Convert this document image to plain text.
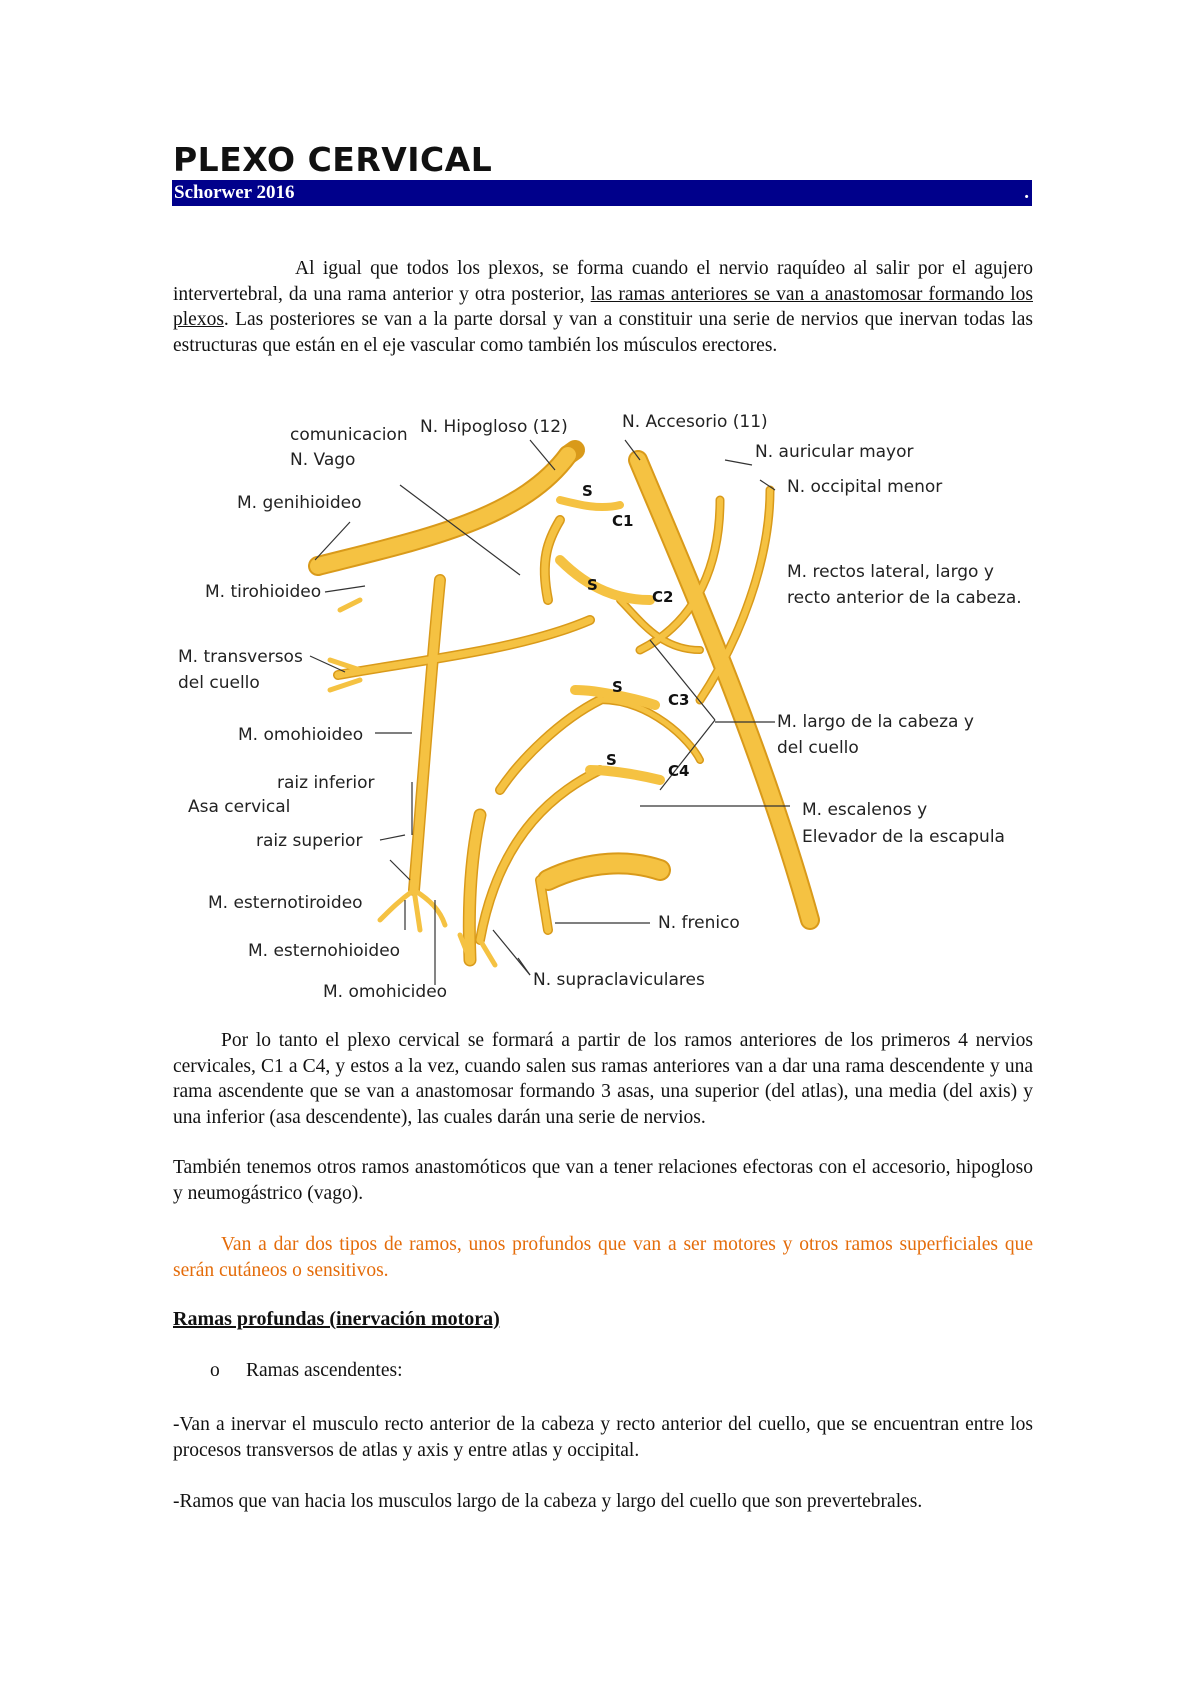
PLEXO CERVICAL
Schorwer 2016	.

Al igual que todos los plexos, se forma cuando el nervio raquídeo al salir por el agujero intervertebral, da una rama anterior y otra posterior, las ramas anteriores se van a anastomosar formando los plexos. Las posteriores se van a la parte dorsal y van a constituir una serie de nervios que inervan todas las estructuras que están en el eje vascular como también los músculos erectores.

comunicacion
N. Vago
N. Hipogloso (12)	N. Accesorio (11)
N. auricular mayor
N. occipital menor
M. genihioideo
M. tirohioideo
M. rectos lateral, largo y
recto anterior de la cabeza.
M. transversos
del cuello
M. omohioideo
M. largo de la cabeza y
del cuello
raiz inferior
Asa cervical
raiz superior
M. escalenos y
Elevador de la escapula
M. esternotiroideo
M. esternohioideo
M. omohicideo
N. frenico
N. supraclaviculares
C1
C2
C3
C4
S
S
S
S

Por lo tanto el plexo cervical se formará a partir de los ramos anteriores de los primeros 4 nervios cervicales, C1 a C4, y estos a la vez, cuando salen sus ramas anteriores van a dar una rama descendente y una rama ascendente que se van a anastomosar formando 3 asas, una superior (del atlas), una media (del axis) y una inferior (asa descendente), las cuales darán una serie de nervios.

También tenemos otros ramos anastomóticos que van a tener relaciones efectoras con el accesorio, hipogloso y neumogástrico (vago).

Van a dar dos tipos de ramos, unos profundos que van a ser motores y otros ramos superficiales que serán cutáneos o sensitivos.

Ramas profundas (inervación motora)
o Ramas ascendentes:

-Van a inervar el musculo recto anterior de la cabeza y recto anterior del cuello, que se encuentran entre los procesos transversos de atlas y axis y entre atlas y occipital.

-Ramos que van hacia los musculos largo de la cabeza y largo del cuello que son prevertebrales.
